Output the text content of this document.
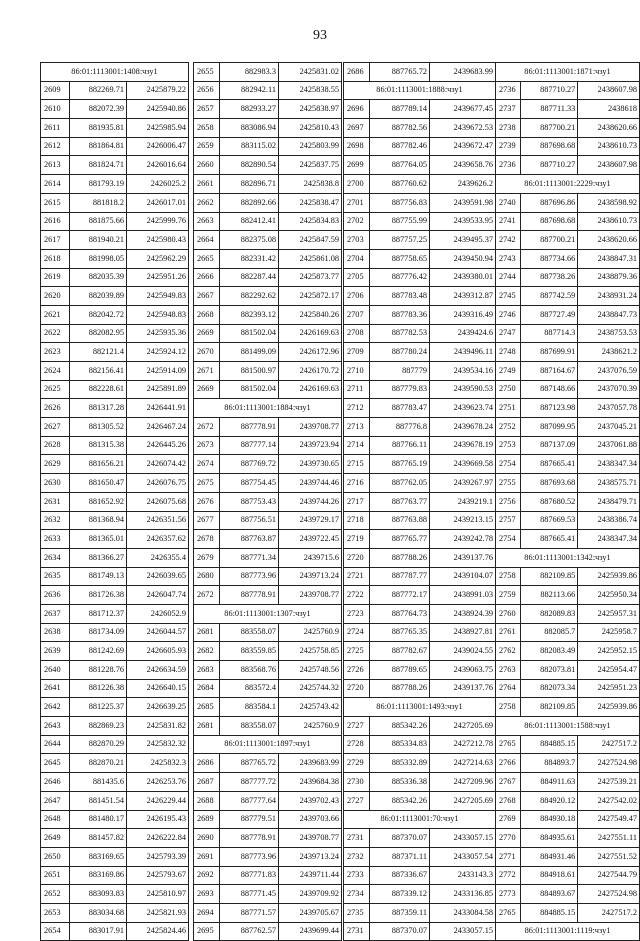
93
86:01:1113001:1408:чзу1		
2609	882269.71	2425879.22
2610	882072.39	2425940.86
2611	881935.81	2425985.94
2612	881864.81	2426006.47
2613	881824.71	2426016.64
2614	881793.19	2426025.2
2615	881818.2	2426017.01
2616	881875.66	2425999.76
2617	881940.21	2425980.43
2618	881998.05	2425962.29
2619	882035.39	2425951.26
2620	882039.89	2425949.83
2621	882042.72	2425948.83
2622	882082.95	2425935.36
2623	882121.4	2425924.12
2624	882156.41	2425914.09
2625	882228.61	2425891.89
2626	881317.28	2426441.91
2627	881305.52	2426467.24
2628	881315.38	2426445.26
2629	881656.21	2426074.42
2630	881650.47	2426076.75
2631	881652.92	2426075.68
2632	881368.94	2426351.56
2633	881365.01	2426357.62
2634	881366.27	2426355.4
2635	881749.13	2426039.65
2636	881726.38	2426047.74
2637	881712.37	2426052.9
2638	881734.09	2426044.57
2639	881242.69	2426605.93
2640	881228.76	2426634.59
2641	881226.38	2426640.15
2642	881225.37	2426639.25
2643	882869.23	2425831.82
2644	882870.29	2425832.32
2645	882870.21	2425832.3
2646	881435.6	2426253.76
2647	881451.54	2426229.44
2648	881480.17	2426195.43
2649	881457.82	2426222.84
2650	883169.65	2425793.39
2651	883169.86	2425793.67
2652	883093.83	2425810.97
2653	883034.68	2425821.93
2654	883017.91	2425824.46
2655	882983.3	2425831.02
2656	882942.11	2425838.55
2657	882933.27	2425838.97
2658	883086.94	2425810.43
2659	883115.02	2425803.99
2660	882890.54	2425837.75
2661	882896.71	2425838.8
2662	882892.66	2425838.47
2663	882412.41	2425834.83
2664	882375.08	2425847.59
2665	882331.42	2425861.08
2666	882287.44	2425873.77
2667	882292.62	2425872.17
2668	882393.12	2425840.26
2669	881502.04	2426169.63
2670	881499.09	2426172.96
2671	881500.97	2426170.72
2669	881502.04	2426169.63
86:01:1113001:1884:чзу1		
2672	887778.91	2439708.77
2673	887777.14	2439723.94
2674	887769.72	2439730.65
2675	887754.45	2439744.46
2676	887753.43	2439744.26
2677	887756.51	2439729.17
2678	887763.87	2439722.45
2679	887771.34	2439715.6
2680	887773.96	2439713.24
2672	887778.91	2439708.77
86:01:1113001:1307:чзу1		
2681	883558.07	2425760.9
2682	883559.85	2425758.85
2683	883568.76	2425748.56
2684	883572.4	2425744.32
2685	883584.1	2425743.42
2681	883558.07	2425760.9
86:01:1113001:1897:чзу1		
2686	887765.72	2439683.99
2687	887777.72	2439684.38
2688	887777.64	2439702.43
2689	887779.51	2439703.66
2690	887778.91	2439708.77
2691	887773.96	2439713.24
2692	887771.83	2439711.44
2693	887771.45	2439709.92
2694	887771.57	2439705.67
2695	887762.57	2439699.44
2686	887765.72	2439683.99
86:01:1113001:1888:чзу1		
2696	887789.14	2439677.45
2697	887782.56	2439672.53
2698	887782.46	2439672.47
2699	887764.05	2439658.76
2700	887760.62	2439626.2
2701	887756.83	2439591.98
2702	887755.99	2439533.95
2703	887757.25	2439495.37
2704	887758.65	2439450.94
2705	887776.42	2439380.01
2706	887783.48	2439312.87
2707	887783.36	2439316.49
2708	887782.53	2439424.6
2709	887780.24	2439496.11
2710	887779	2439534.16
2711	887779.83	2439590.53
2712	887783.47	2439623.74
2713	887776.8	2439678.24
2714	887766.11	2439678.19
2715	887765.19	2439669.58
2716	887762.05	2439267.97
2717	887763.77	2439219.1
2718	887763.88	2439213.15
2719	887765.77	2439242.78
2720	887788.26	2439137.76
2721	887787.77	2439104.07
2722	887772.17	2438991.03
2723	887764.73	2438924.39
2724	887765.35	2438927.81
2725	887782.67	2439024.55
2726	887789.65	2439063.75
2720	887788.26	2439137.76
86:01:1113001:1493:чзу1		
2727	885342.26	2427205.69
2728	885334.83	2427212.78
2729	885332.89	2427214.63
2730	885336.38	2427209.96
2727	885342.26	2427205.69
86:01:1113001:70:чзу1		
2731	887370.07	2433057.15
2732	887371.11	2433057.54
2733	887336.67	2433143.3
2734	887339.12	2433136.85
2735	887359.11	2433084.58
2731	887370.07	2433057.15
86:01:1113001:1871:чзу1		
2736	887710.27	2438607.98
2737	887711.33	2438618
2738	887700.21	2438620.66
2739	887698.68	2438610.73
2736	887710.27	2438607.98
86:01:1113001:2229:чзу1		
2740	887696.86	2438598.92
2741	887698.68	2438610.73
2742	887700.21	2438620.66
2743	887734.66	2438847.31
2744	887738.26	2438879.36
2745	887742.59	2438931.24
2746	887727.49	2438847.73
2747	887714.3	2438753.53
2748	887699.91	2438621.2
2749	887164.67	2437076.59
2750	887148.66	2437070.39
2751	887123.98	2437057.78
2752	887099.95	2437045.21
2753	887137.09	2437061.88
2754	887665.41	2438347.34
2755	887693.68	2438575.71
2756	887680.52	2438479.71
2757	887669.53	2438386.74
2754	887665.41	2438347.34
86:01:1113001:1342:чзу1		
2758	882109.85	2425939.86
2759	882113.66	2425950.34
2760	882089.83	2425957.31
2761	882085.7	2425958.7
2762	882083.49	2425952.15
2763	882073.81	2425954.47
2764	882073.34	2425951.23
2758	882109.85	2425939.86
86:01:1113001:1588:чзу1		
2765	884885.15	2427517.2
2766	884893.7	2427524.98
2767	884911.63	2427539.21
2768	884920.12	2427542.02
2769	884930.18	2427549.47
2770	884935.61	2427551.11
2771	884931.46	2427551.52
2772	884918.61	2427544.79
2773	884893.67	2427524.98
2765	884885.15	2427517.2
86:01:1113001:1119:чзу1		
